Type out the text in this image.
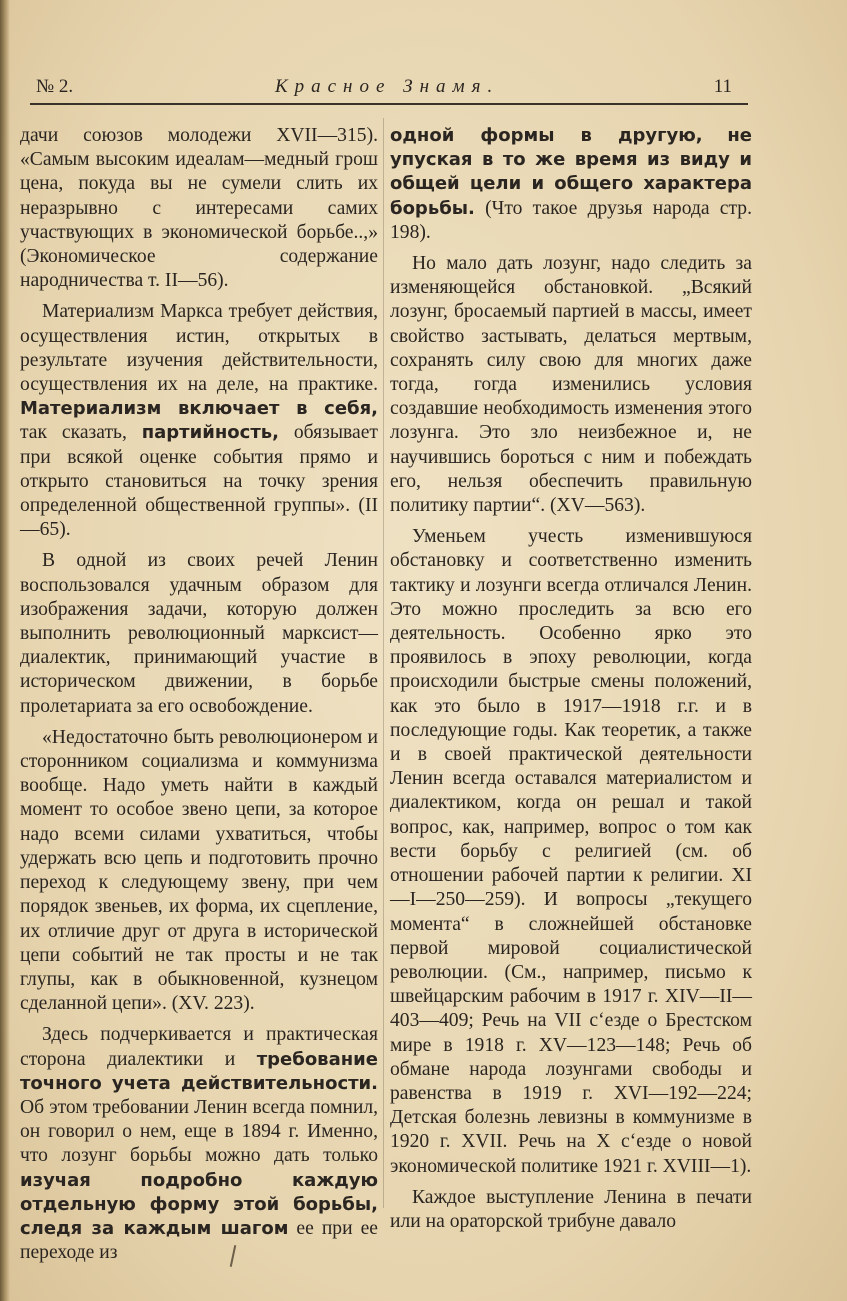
№ 2.	Красное Знамя.	11

дачи союзов молодежи XVII—315). «Самым высоким идеалам—медный грош цена, покуда вы не сумели слить их неразрывно с интересами самих участвующих в экономической борьбе..,» (Экономическое содержание народничества т. II—56).

Материализм Маркса требует действия, осуществления истин, открытых в результате изучения действительности, осуществления их на деле, на практике. Материализм включает в себя, так сказать, партийность, обязывает при всякой оценке события прямо и открыто становиться на точку зрения определенной общественной группы». (II—65).

В одной из своих речей Ленин воспользовался удачным образом для изображения задачи, которую должен выполнить революционный марксист—диалектик, принимающий участие в историческом движении, в борьбе пролетариата за его освобождение.

«Недостаточно быть революционером и сторонником социализма и коммунизма вообще. Надо уметь найти в каждый момент то особое звено цепи, за которое надо всеми силами ухватиться, чтобы удержать всю цепь и подготовить прочно переход к следующему звену, при чем порядок звеньев, их форма, их сцепление, их отличие друг от друга в исторической цепи событий не так просты и не так глупы, как в обыкновенной, кузнецом сделанной цепи». (XV. 223).

Здесь подчеркивается и практическая сторона диалектики и требование точного учета действительности. Об этом требовании Ленин всегда помнил, он говорил о нем, еще в 1894 г. Именно, что лозунг борьбы можно дать только изучая подробно каждую отдельную форму этой борьбы, следя за каждым шагом ее при ее переходе из

одной формы в другую, не упуская в то же время из виду и общей цели и общего характера борьбы. (Что такое друзья народа стр. 198).

Но мало дать лозунг, надо следить за изменяющейся обстановкой. „Всякий лозунг, бросаемый партией в массы, имеет свойство застывать, делаться мертвым, сохранять силу свою для многих даже тогда, гогда изменились условия создавшие необходимость изменения этого лозунга. Это зло неизбежное и, не научившись бороться с ним и побеждать его, нельзя обеспечить правильную политику партии“. (XV—563).

Уменьем учесть изменившуюся обстановку и соответственно изменить тактику и лозунги всегда отличался Ленин. Это можно проследить за всю его деятельность. Особенно ярко это проявилось в эпоху революции, когда происходили быстрые смены положений, как это было в 1917—1918 г.г. и в последующие годы. Как теоретик, а также и в своей практической деятельности Ленин всегда оставался материалистом и диалектиком, когда он решал и такой вопрос, как, например, вопрос о том как вести борьбу с религией (см. об отношении рабочей партии к религии. XI—I—250—259). И вопросы „текущего момента“ в сложнейшей обстановке первой мировой социалистической революции. (См., например, письмо к швейцарским рабочим в 1917 г. XIV—II—403—409; Речь на VII с‘езде о Брестском мире в 1918 г. XV—123—148; Речь об обмане народа лозунгами свободы и равенства в 1919 г. XVI—192—224; Детская болезнь левизны в коммунизме в 1920 г. XVII. Речь на X с‘езде о новой экономической политике 1921 г. XVIII—1).

Каждое выступление Ленина в печати или на ораторской трибуне давало
